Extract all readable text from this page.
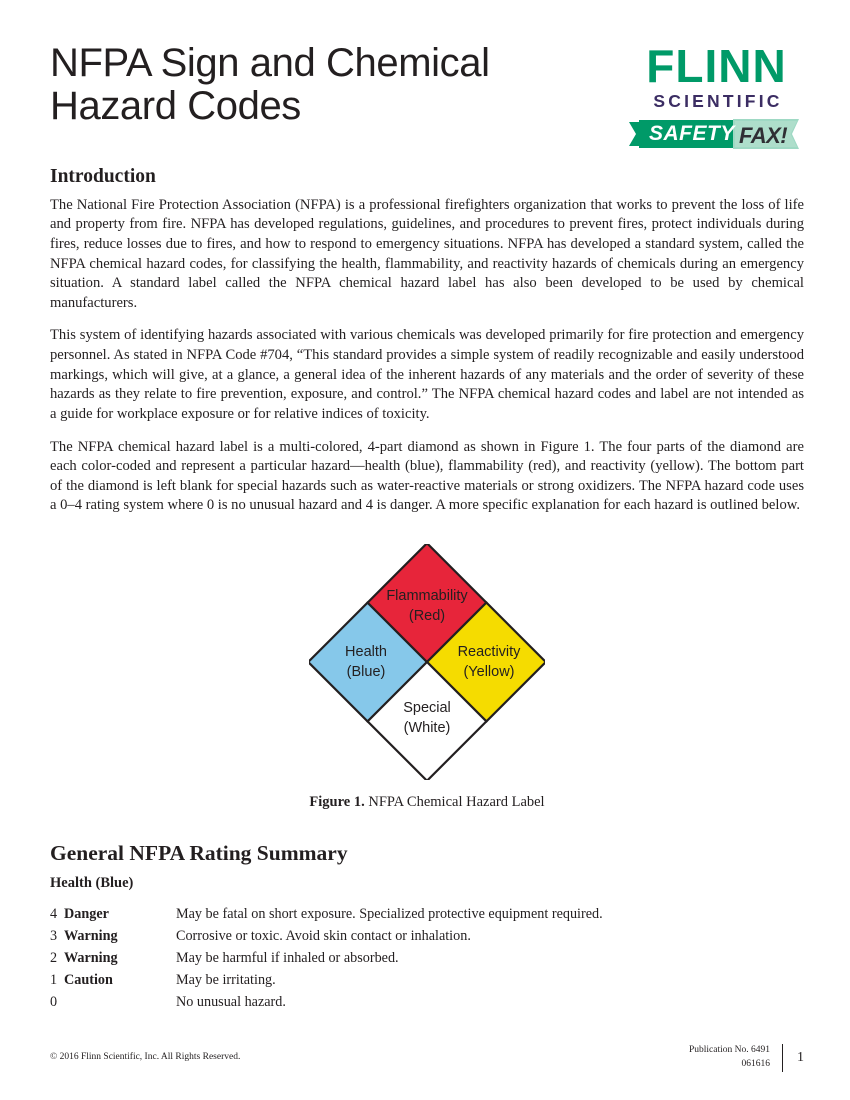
NFPA Sign and Chemical Hazard Codes
FLINN
SCIENTIFIC
SAFETY FAX!
Introduction

The National Fire Protection Association (NFPA) is a professional firefighters organization that works to prevent the loss of life and property from fire. NFPA has developed regulations, guidelines, and procedures to prevent fires, protect individuals during fires, reduce losses due to fires, and how to respond to emergency situations. NFPA has developed a standard system, called the NFPA chemical hazard codes, for classifying the health, flammability, and reactivity hazards of chemicals during an emergency situation. A standard label called the NFPA chemical hazard label has also been developed to be used by chemical manufacturers.

This system of identifying hazards associated with various chemicals was developed primarily for fire protection and emergency personnel. As stated in NFPA Code #704, “This standard provides a simple system of readily recognizable and easily understood markings, which will give, at a glance, a general idea of the inherent hazards of any materials and the order of severity of these hazards as they relate to fire prevention, exposure, and control.” The NFPA chemical hazard codes and label are not intended as a guide for workplace exposure or for relative indices of toxicity.

The NFPA chemical hazard label is a multi-colored, 4-part diamond as shown in Figure 1. The four parts of the diamond are each color-coded and represent a particular hazard—health (blue), flammability (red), and reactivity (yellow). The bottom part of the diamond is left blank for special hazards such as water-reactive materials or strong oxidizers. The NFPA hazard code uses a 0–4 rating system where 0 is no unusual hazard and 4 is danger. A more specific explanation for each hazard is outlined below.

Flammability
(Red)
Health
(Blue)
Reactivity
(Yellow)
Special
(White)
Figure 1. NFPA Chemical Hazard Label
General NFPA Rating Summary
Health (Blue)
4	Danger	May be fatal on short exposure. Specialized protective equipment required.
3	Warning	Corrosive or toxic. Avoid skin contact or inhalation.
2	Warning	May be harmful if inhaled or absorbed.
1	Caution	May be irritating.
0		No unusual hazard.
© 2016 Flinn Scientific, Inc. All Rights Reserved.
Publication No. 6491
061616	1
